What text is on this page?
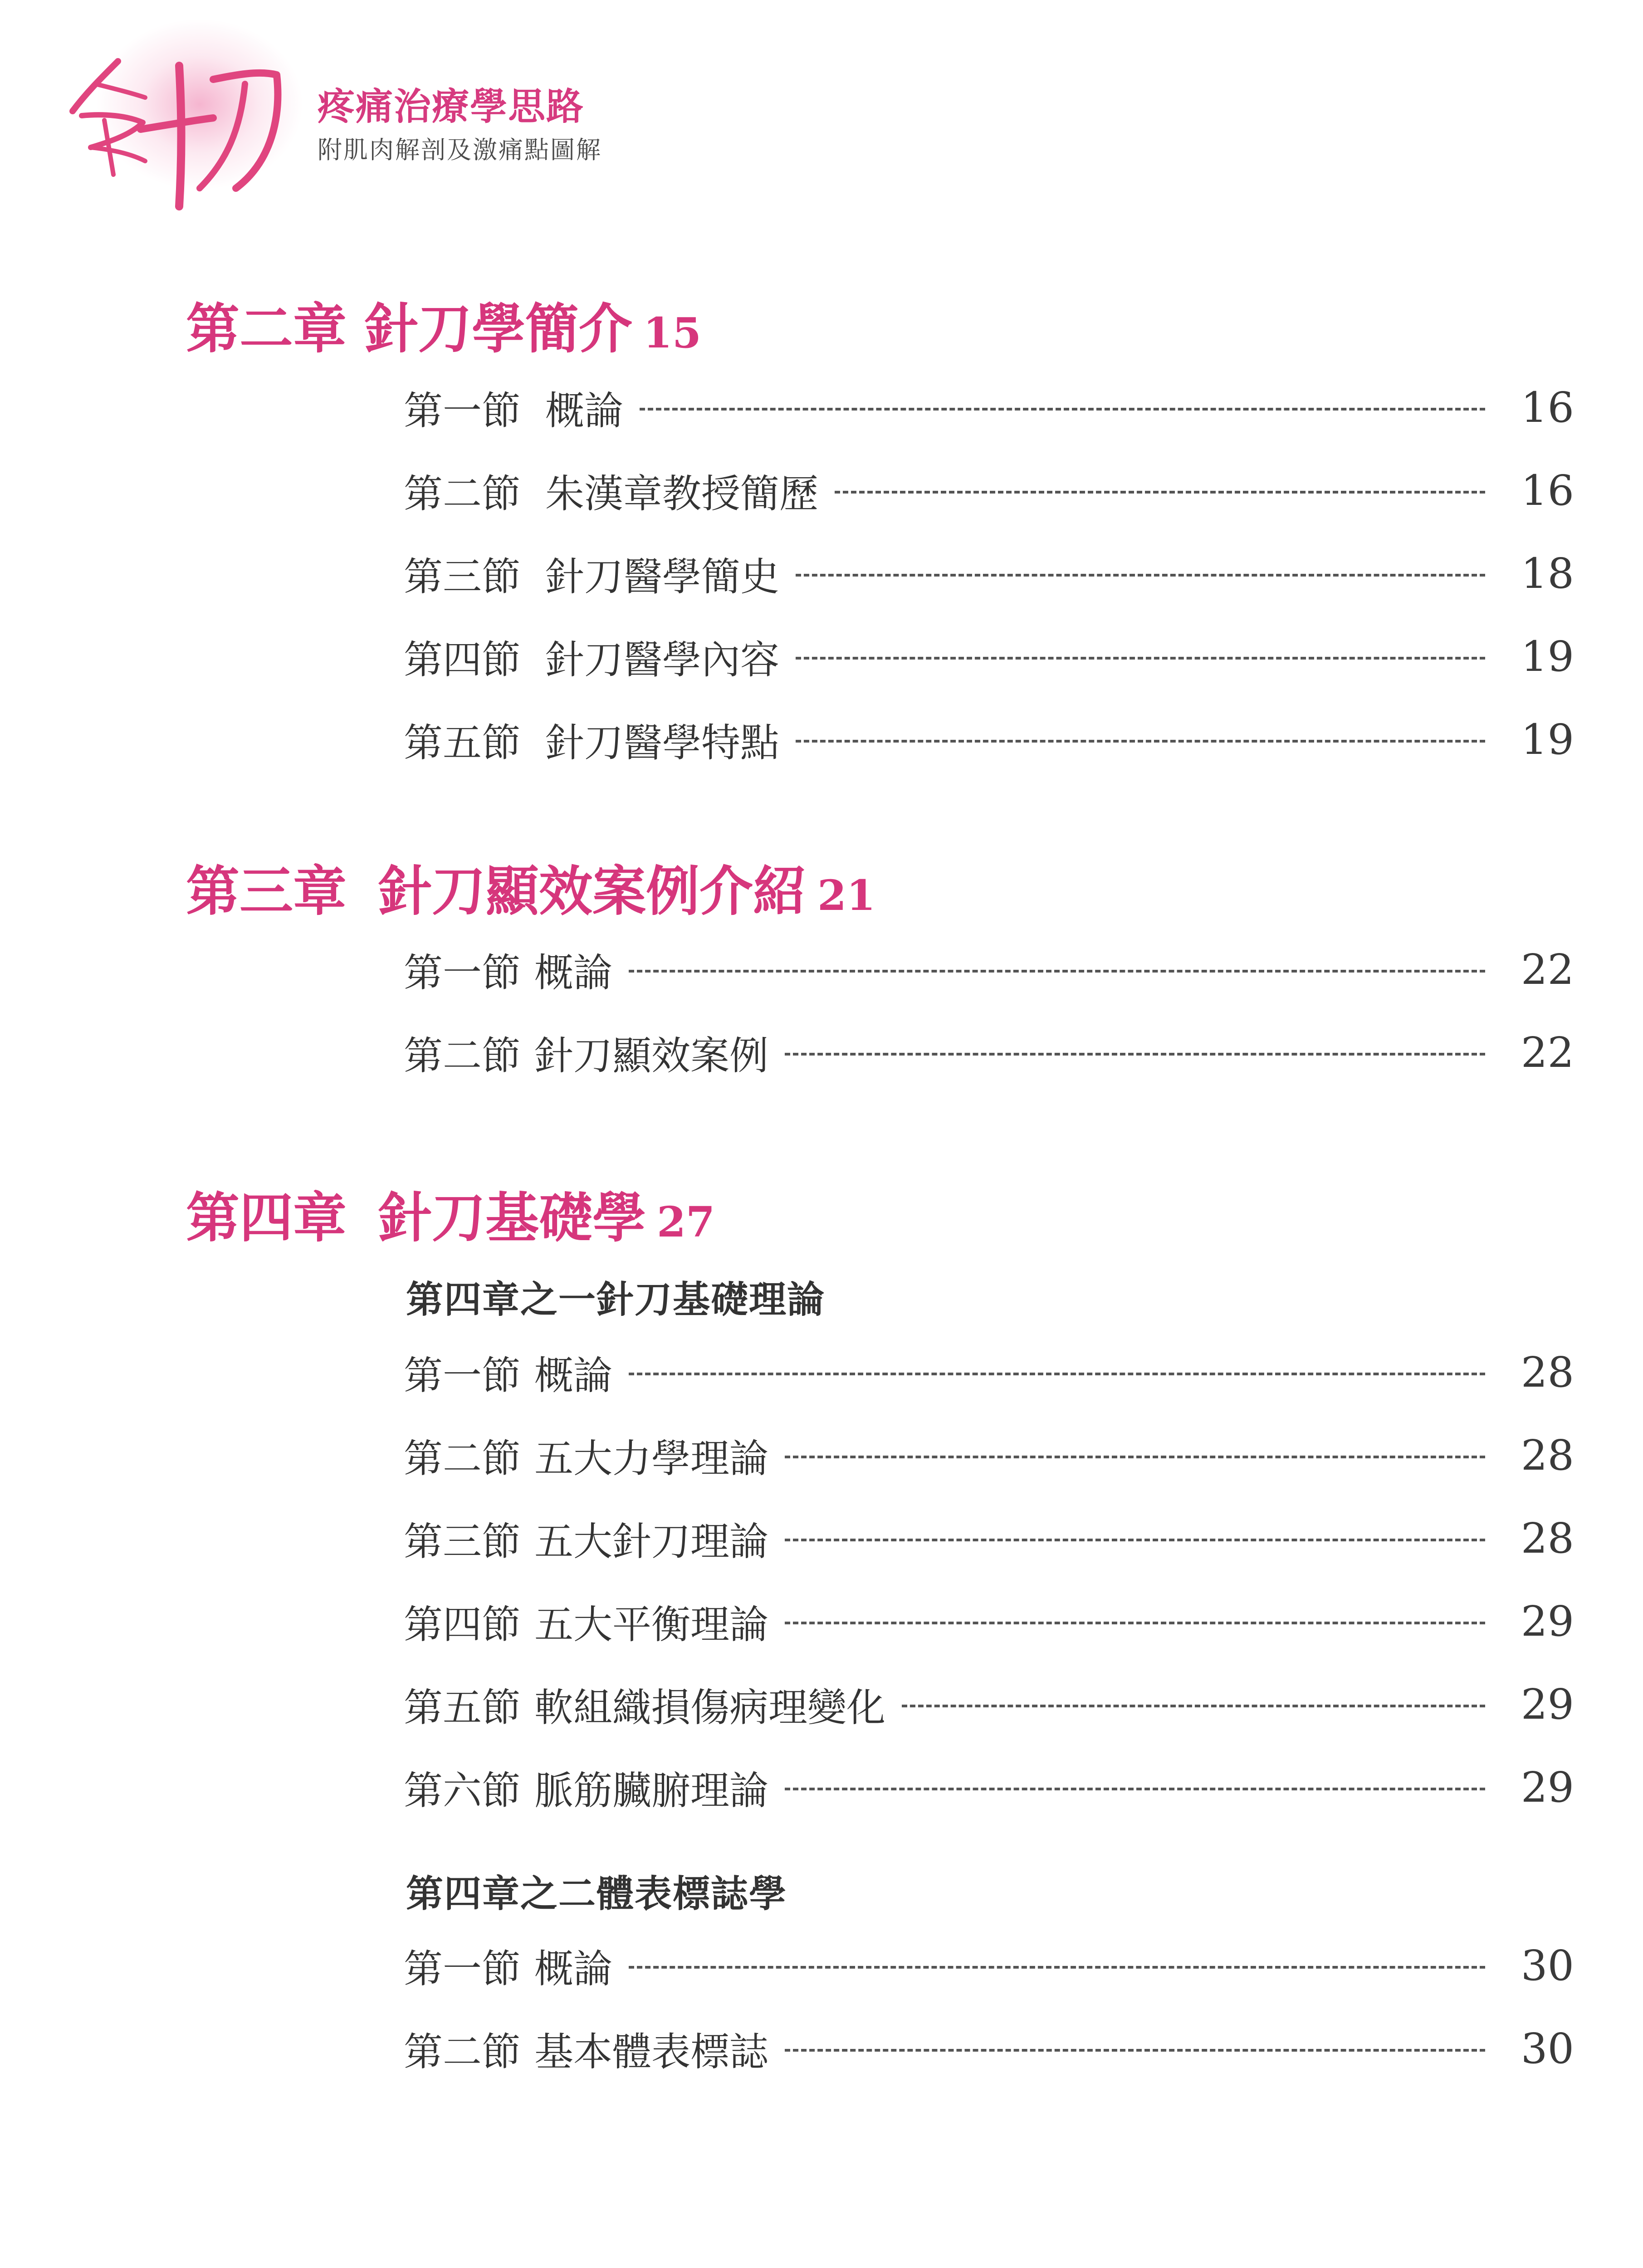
疼痛治療學思路
附肌肉解剖及激痛點圖解
第二章 針刀學簡介 15
第一節 概論	16
第二節 朱漢章教授簡歷	16
第三節 針刀醫學簡史	18
第四節 針刀醫學內容	19
第五節 針刀醫學特點	19
第三章 針刀顯效案例介紹 21
第一節 概論	22
第二節 針刀顯效案例	22
第四章 針刀基礎學 27
第四章之一針刀基礎理論
第一節 概論	28
第二節 五大力學理論	28
第三節 五大針刀理論	28
第四節 五大平衡理論	29
第五節 軟組織損傷病理變化	29
第六節 脈筋臟腑理論	29
第四章之二體表標誌學
第一節 概論	30
第二節 基本體表標誌	30
